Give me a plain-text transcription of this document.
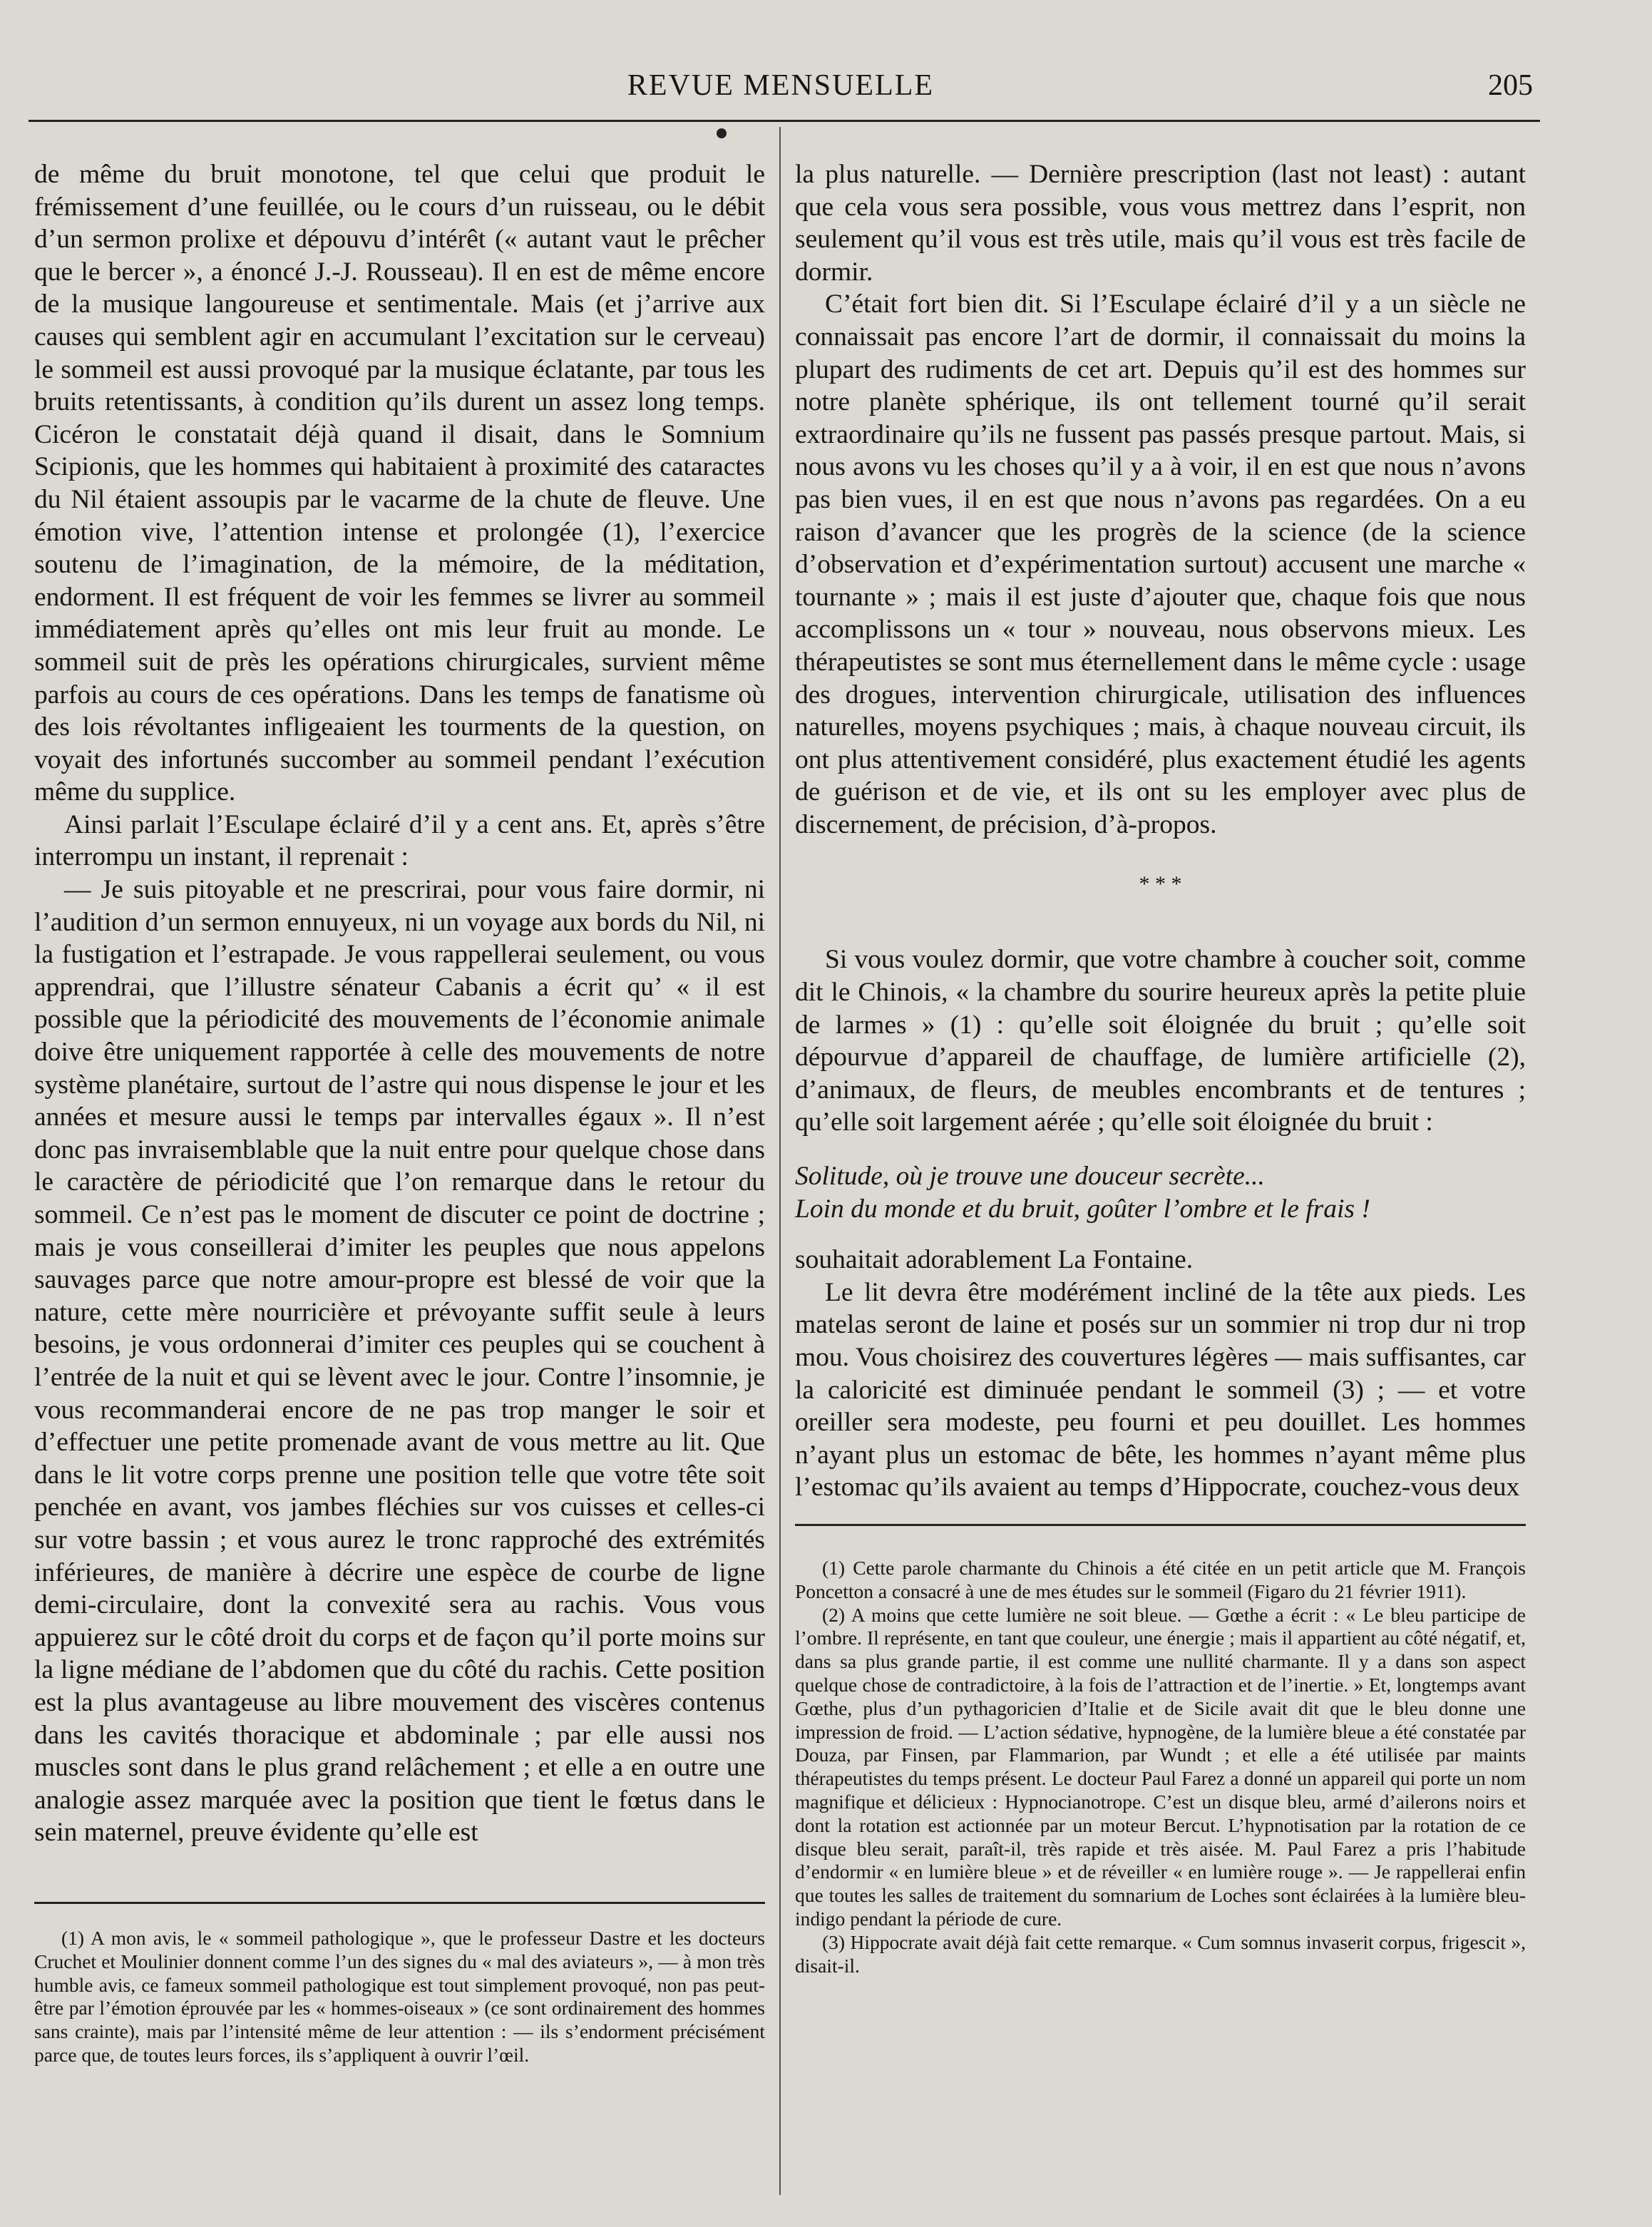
REVUE MENSUELLE	205

de même du bruit monotone, tel que celui que produit le frémissement d’une feuillée, ou le cours d’un ruisseau, ou le débit d’un sermon prolixe et dépouvu d’intérêt (« autant vaut le prêcher que le bercer », a énoncé J.-J. Rousseau). Il en est de même encore de la musique langoureuse et sentimentale. Mais (et j’arrive aux causes qui semblent agir en accumulant l’excitation sur le cerveau) le sommeil est aussi provoqué par la musique éclatante, par tous les bruits retentissants, à condition qu’ils durent un assez long temps. Cicéron le constatait déjà quand il disait, dans le Somnium Scipionis, que les hommes qui habitaient à proximité des cataractes du Nil étaient assoupis par le vacarme de la chute de fleuve. Une émotion vive, l’attention intense et prolongée (1), l’exercice soutenu de l’imagination, de la mémoire, de la méditation, endorment. Il est fréquent de voir les femmes se livrer au sommeil immédiatement après qu’elles ont mis leur fruit au monde. Le sommeil suit de près les opérations chirurgicales, survient même parfois au cours de ces opérations. Dans les temps de fanatisme où des lois révoltantes infligeaient les tourments de la question, on voyait des infortunés succomber au sommeil pendant l’exécution même du supplice.

Ainsi parlait l’Esculape éclairé d’il y a cent ans. Et, après s’être interrompu un instant, il reprenait :

— Je suis pitoyable et ne prescrirai, pour vous faire dormir, ni l’audition d’un sermon ennuyeux, ni un voyage aux bords du Nil, ni la fustigation et l’estrapade. Je vous rappellerai seulement, ou vous apprendrai, que l’illustre sénateur Cabanis a écrit qu’ « il est possible que la périodicité des mouvements de l’économie animale doive être uniquement rapportée à celle des mouvements de notre système planétaire, surtout de l’astre qui nous dispense le jour et les années et mesure aussi le temps par intervalles égaux ». Il n’est donc pas invraisemblable que la nuit entre pour quelque chose dans le caractère de périodicité que l’on remarque dans le retour du sommeil. Ce n’est pas le moment de discuter ce point de doctrine ; mais je vous conseillerai d’imiter les peuples que nous appelons sauvages parce que notre amour-propre est blessé de voir que la nature, cette mère nourricière et prévoyante suffit seule à leurs besoins, je vous ordonnerai d’imiter ces peuples qui se couchent à l’entrée de la nuit et qui se lèvent avec le jour. Contre l’insomnie, je vous recommanderai encore de ne pas trop manger le soir et d’effectuer une petite promenade avant de vous mettre au lit. Que dans le lit votre corps prenne une position telle que votre tête soit penchée en avant, vos jambes fléchies sur vos cuisses et celles-ci sur votre bassin ; et vous aurez le tronc rapproché des extrémités inférieures, de manière à décrire une espèce de courbe de ligne demi-circulaire, dont la convexité sera au rachis. Vous vous appuierez sur le côté droit du corps et de façon qu’il porte moins sur la ligne médiane de l’abdomen que du côté du rachis. Cette position est la plus avantageuse au libre mouvement des viscères contenus dans les cavités thoracique et abdominale ; par elle aussi nos muscles sont dans le plus grand relâchement ; et elle a en outre une analogie assez marquée avec la position que tient le fœtus dans le sein maternel, preuve évidente qu’elle est

(1) A mon avis, le « sommeil pathologique », que le professeur Dastre et les docteurs Cruchet et Moulinier donnent comme l’un des signes du « mal des aviateurs », — à mon très humble avis, ce fameux sommeil pathologique est tout simplement provoqué, non pas peut-être par l’émotion éprouvée par les « hommes-oiseaux » (ce sont ordinairement des hommes sans crainte), mais par l’intensité même de leur attention : — ils s’endorment précisément parce que, de toutes leurs forces, ils s’appliquent à ouvrir l’œil.

la plus naturelle. — Dernière prescription (last not least) : autant que cela vous sera possible, vous vous mettrez dans l’esprit, non seulement qu’il vous est très utile, mais qu’il vous est très facile de dormir.

C’était fort bien dit. Si l’Esculape éclairé d’il y a un siècle ne connaissait pas encore l’art de dormir, il connaissait du moins la plupart des rudiments de cet art. Depuis qu’il est des hommes sur notre planète sphérique, ils ont tellement tourné qu’il serait extraordinaire qu’ils ne fussent pas passés presque partout. Mais, si nous avons vu les choses qu’il y a à voir, il en est que nous n’avons pas bien vues, il en est que nous n’avons pas regardées. On a eu raison d’avancer que les progrès de la science (de la science d’observation et d’expérimentation surtout) accusent une marche « tournante » ; mais il est juste d’ajouter que, chaque fois que nous accomplissons un « tour » nouveau, nous observons mieux. Les thérapeutistes se sont mus éternellement dans le même cycle : usage des drogues, intervention chirurgicale, utilisation des influences naturelles, moyens psychiques ; mais, à chaque nouveau circuit, ils ont plus attentivement considéré, plus exactement étudié les agents de guérison et de vie, et ils ont su les employer avec plus de discernement, de précision, d’à-propos.

* * *

Si vous voulez dormir, que votre chambre à coucher soit, comme dit le Chinois, « la chambre du sourire heureux après la petite pluie de larmes » (1) : qu’elle soit éloignée du bruit ; qu’elle soit dépourvue d’appareil de chauffage, de lumière artificielle (2), d’animaux, de fleurs, de meubles encombrants et de tentures ; qu’elle soit largement aérée ; qu’elle soit éloignée du bruit :

Solitude, où je trouve une douceur secrète...
Loin du monde et du bruit, goûter l’ombre et le frais !

souhaitait adorablement La Fontaine.

Le lit devra être modérément incliné de la tête aux pieds. Les matelas seront de laine et posés sur un sommier ni trop dur ni trop mou. Vous choisirez des couvertures légères — mais suffisantes, car la caloricité est diminuée pendant le sommeil (3) ; — et votre oreiller sera modeste, peu fourni et peu douillet. Les hommes n’ayant plus un estomac de bête, les hommes n’ayant même plus l’estomac qu’ils avaient au temps d’Hippocrate, couchez-vous deux

(1) Cette parole charmante du Chinois a été citée en un petit article que M. François Poncetton a consacré à une de mes études sur le sommeil (Figaro du 21 février 1911).

(2) A moins que cette lumière ne soit bleue. — Gœthe a écrit : « Le bleu participe de l’ombre. Il représente, en tant que couleur, une énergie ; mais il appartient au côté négatif, et, dans sa plus grande partie, il est comme une nullité charmante. Il y a dans son aspect quelque chose de contradictoire, à la fois de l’attraction et de l’inertie. » Et, longtemps avant Gœthe, plus d’un pythagoricien d’Italie et de Sicile avait dit que le bleu donne une impression de froid. — L’action sédative, hypnogène, de la lumière bleue a été constatée par Douza, par Finsen, par Flammarion, par Wundt ; et elle a été utilisée par maints thérapeutistes du temps présent. Le docteur Paul Farez a donné un appareil qui porte un nom magnifique et délicieux : Hypnocianotrope. C’est un disque bleu, armé d’ailerons noirs et dont la rotation est actionnée par un moteur Bercut. L’hypnotisation par la rotation de ce disque bleu serait, paraît-il, très rapide et très aisée. M. Paul Farez a pris l’habitude d’endormir « en lumière bleue » et de réveiller « en lumière rouge ». — Je rappellerai enfin que toutes les salles de traitement du somnarium de Loches sont éclairées à la lumière bleu-indigo pendant la période de cure.

(3) Hippocrate avait déjà fait cette remarque. « Cum somnus invaserit corpus, frigescit », disait-il.
